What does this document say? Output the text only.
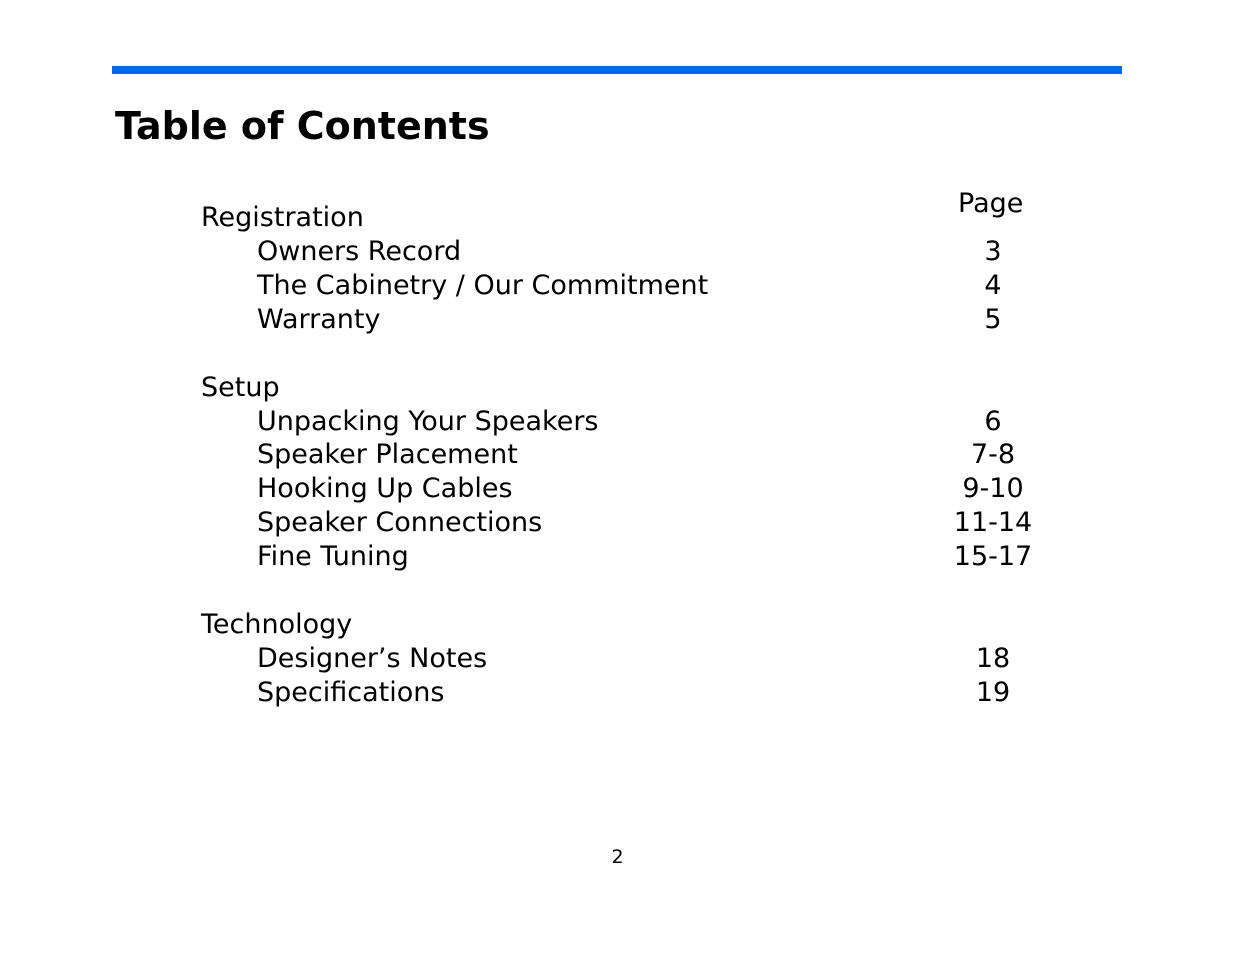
Table of Contents
Page
Registration
Owners Record	3
The Cabinetry / Our Commitment	4
Warranty	5
Setup
Unpacking Your Speakers	6
Speaker Placement	7-8
Hooking Up Cables	9-10
Speaker Connections	11-14
Fine Tuning	15-17
Technology
Designer’s Notes	18
Specifications	19
2
